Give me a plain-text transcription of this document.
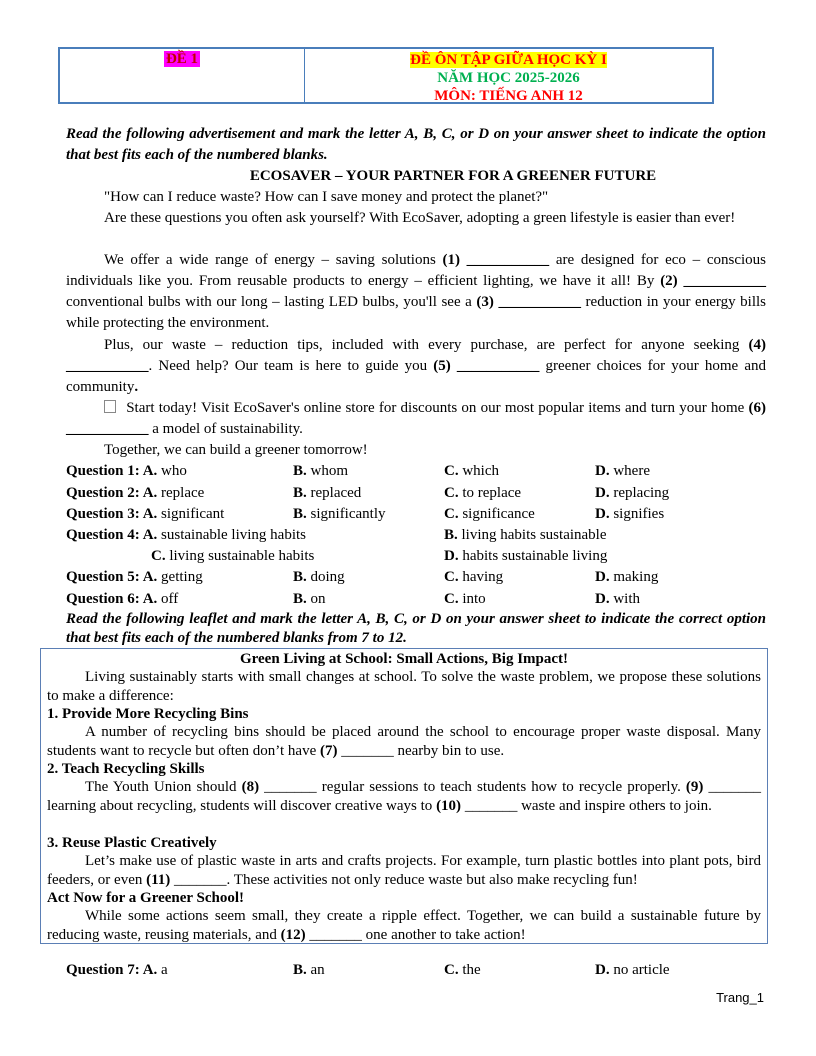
ĐỀ 1	ĐỀ ÔN TẬP GIỮA HỌC KỲ I
NĂM HỌC 2025-2026
MÔN: TIẾNG ANH 12
Read the following advertisement and mark the letter A, B, C, or D on your answer sheet to indicate the option that best fits each of the numbered blanks.
ECOSAVER – YOUR PARTNER FOR A GREENER FUTURE
"How can I reduce waste? How can I save money and protect the planet?"
Are these questions you often ask yourself? With EcoSaver, adopting a green lifestyle is easier than ever!
We offer a wide range of energy – saving solutions (1) ___________ are designed for eco – conscious individuals like you. From reusable products to energy – efficient lighting, we have it all! By (2) ___________ conventional bulbs with our long – lasting LED bulbs, you'll see a (3) ___________ reduction in your energy bills while protecting the environment.
Plus, our waste – reduction tips, included with every purchase, are perfect for anyone seeking (4) ___________. Need help? Our team is here to guide you (5) ___________ greener choices for your home and community.
Start today! Visit EcoSaver's online store for discounts on our most popular items and turn your home (6) ___________ a model of sustainability.
Together, we can build a greener tomorrow!
Question 1: A. who	B. whom	C. which	D. where
Question 2: A. replace	B. replaced	C. to replace	D. replacing
Question 3: A. significant	B. significantly	C. significance	D. signifies
Question 4: A. sustainable living habits	B. living habits sustainable
C. living sustainable habits	D. habits sustainable living
Question 5: A. getting	B. doing	C. having	D. making
Question 6: A. off	B. on	C. into	D. with
Read the following leaflet and mark the letter A, B, C, or D on your answer sheet to indicate the correct option that best fits each of the numbered blanks from 7 to 12.
Green Living at School: Small Actions, Big Impact!
Living sustainably starts with small changes at school. To solve the waste problem, we propose these solutions to make a difference:
1. Provide More Recycling Bins
A number of recycling bins should be placed around the school to encourage proper waste disposal. Many students want to recycle but often don’t have (7) _______ nearby bin to use.
2. Teach Recycling Skills
The Youth Union should (8) _______ regular sessions to teach students how to recycle properly. (9) _______ learning about recycling, students will discover creative ways to (10) _______ waste and inspire others to join.
3. Reuse Plastic Creatively
Let’s make use of plastic waste in arts and crafts projects. For example, turn plastic bottles into plant pots, bird feeders, or even (11) _______. These activities not only reduce waste but also make recycling fun!
Act Now for a Greener School!
While some actions seem small, they create a ripple effect. Together, we can build a sustainable future by reducing waste, reusing materials, and (12) _______ one another to take action!
Question 7: A. a	B. an	C. the	D. no article
Trang_1
